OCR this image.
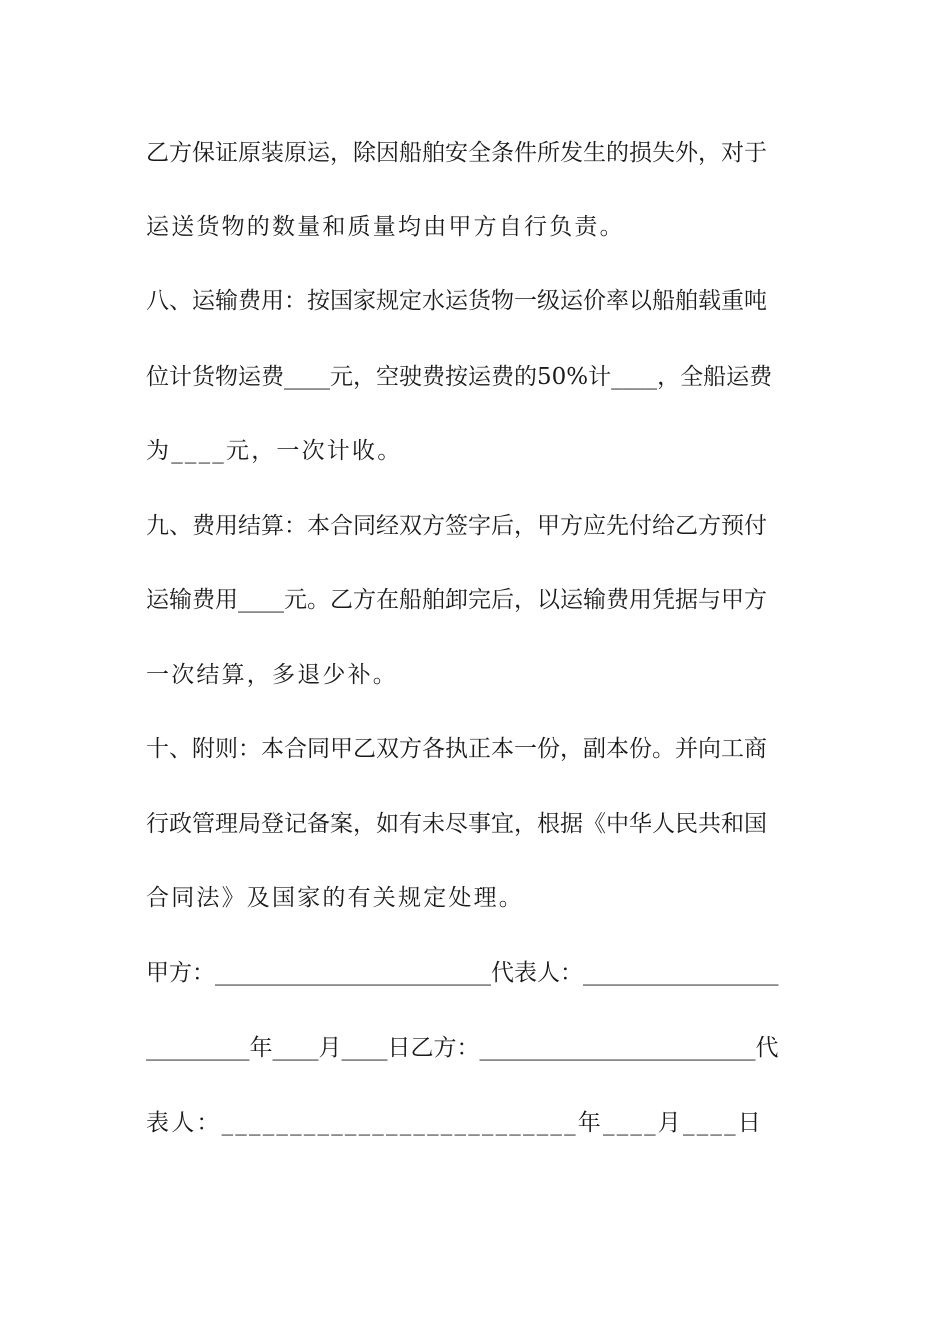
乙方保证原装原运，除因船舶安全条件所发生的损失外，对于
运送货物的数量和质量均由甲方自行负责。
八、运输费用：按国家规定水运货物一级运价率以船舶载重吨
位计货物运费____元，空驶费按运费的50%计____，全船运费
为____元，一次计收。
九、费用结算：本合同经双方签字后，甲方应先付给乙方预付
运输费用____元。乙方在船舶卸完后，以运输费用凭据与甲方
一次结算，多退少补。
十、附则：本合同甲乙双方各执正本一份，副本份。并向工商
行政管理局登记备案，如有未尽事宜，根据《中华人民共和国
合同法》及国家的有关规定处理。
甲方：________________________代表人：_________________
_________年____月____日乙方：________________________代
表人：__________________________年____月____日
